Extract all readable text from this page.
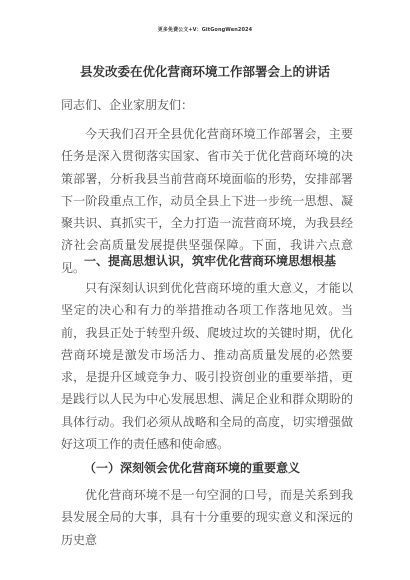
更多免费公文+V：GitGongWen2024
县发改委在优化营商环境工作部署会上的讲话

同志们、企业家朋友们：

今天我们召开全县优化营商环境工作部署会，主要任务是深入贯彻落实国家、省市关于优化营商环境的决策部署，分析我县当前营商环境面临的形势，安排部署下一阶段重点工作，动员全县上下进一步统一思想、凝聚共识、真抓实干，全力打造一流营商环境，为我县经济社会高质量发展提供坚强保障。下面，我讲六点意见。

一、提高思想认识，筑牢优化营商环境思想根基

只有深刻认识到优化营商环境的重大意义，才能以坚定的决心和有力的举措推动各项工作落地见效。当前，我县正处于转型升级、爬坡过坎的关键时期，优化营商环境是激发市场活力、推动高质量发展的必然要求，是提升区域竞争力、吸引投资创业的重要举措，更是践行以人民为中心发展思想、满足企业和群众期盼的具体行动。我们必须从战略和全局的高度，切实增强做好这项工作的责任感和使命感。

（一）深刻领会优化营商环境的重要意义

优化营商环境不是一句空洞的口号，而是关系到我县发展全局的大事，具有十分重要的现实意义和深远的历史意
